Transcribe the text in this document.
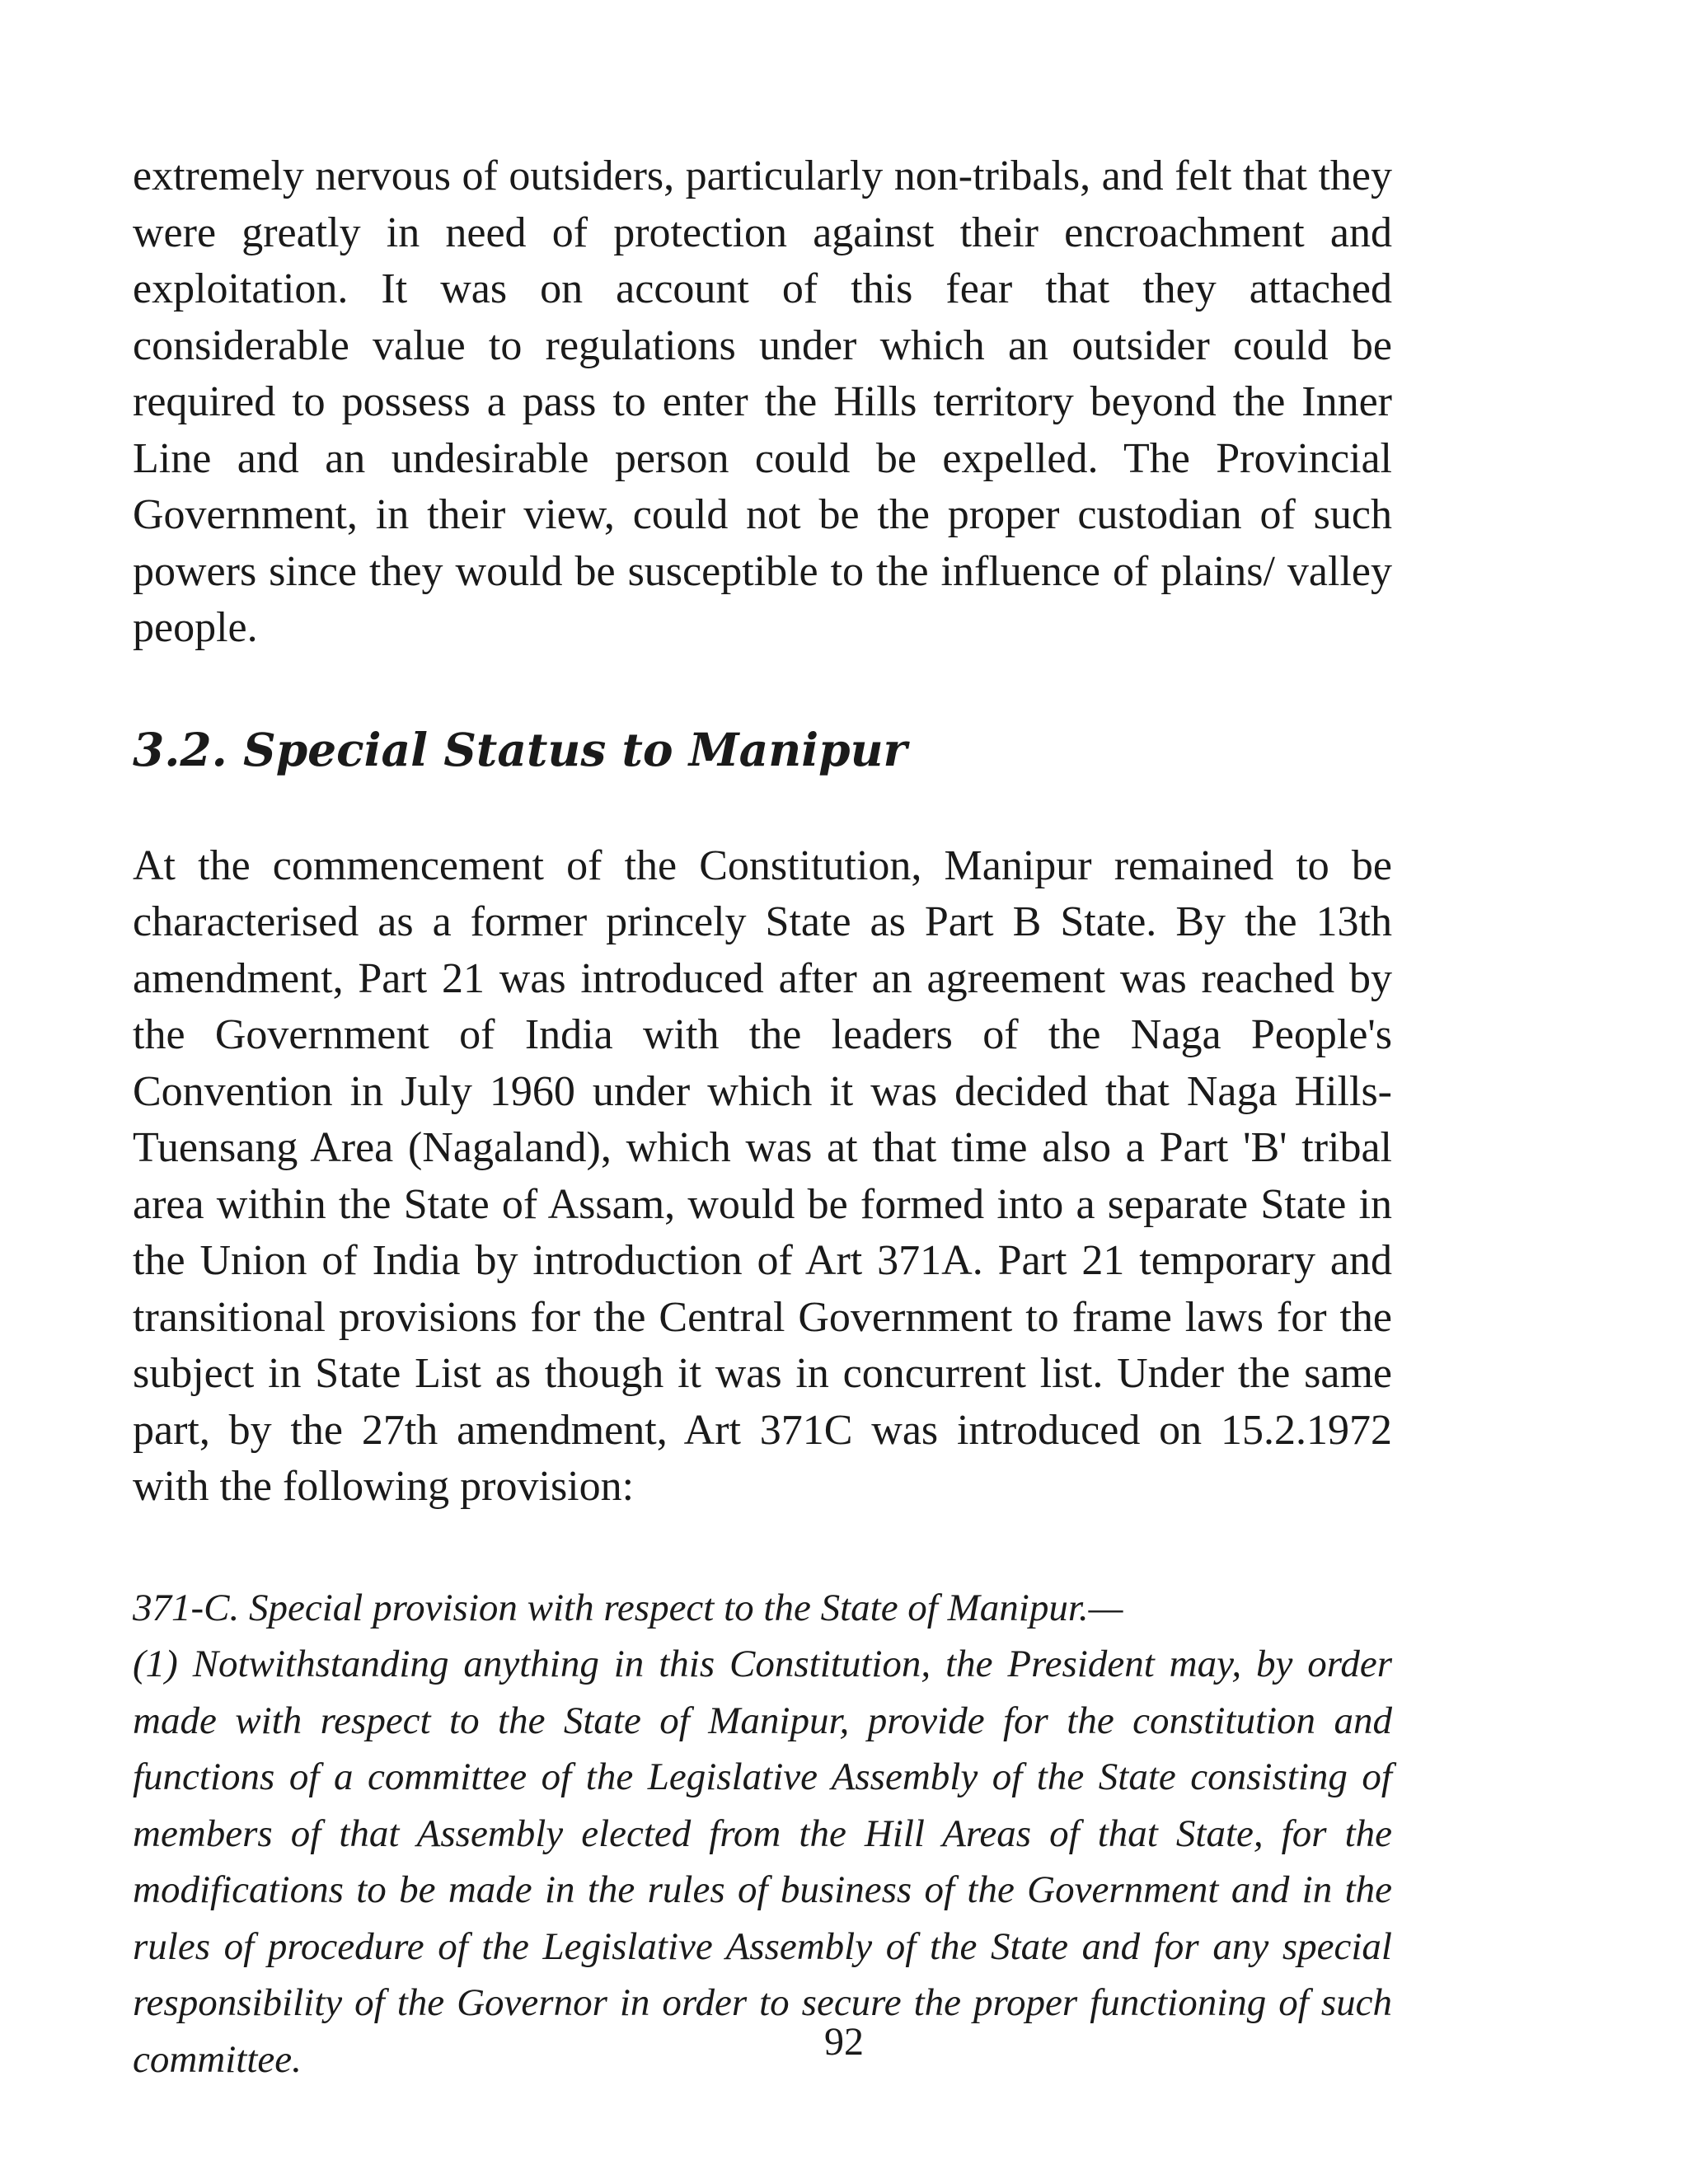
extremely nervous of outsiders, particularly non-tribals, and felt that they were greatly in need of protection against their encroachment and exploitation. It was on account of this fear that they attached considerable value to regulations under which an outsider could be required to possess a pass to enter the Hills territory beyond the Inner Line and an undesirable person could be expelled. The Provincial Government, in their view, could not be the proper custodian of such powers since they would be susceptible to the influence of plains/ valley people.

3.2. Special Status to Manipur

At the commencement of the Constitution, Manipur remained to be characterised as a former princely State as Part B State. By the 13th amendment, Part 21 was introduced after an agreement was reached by the Government of India with the leaders of the Naga People's Convention in July 1960 under which it was decided that Naga Hills-Tuensang Area (Nagaland), which was at that time also a Part 'B' tribal area within the State of Assam, would be formed into a separate State in the Union of India by introduction of Art 371A. Part 21 temporary and transitional provisions for the Central Government to frame laws for the subject in State List as though it was in concurrent list. Under the same part, by the 27th amendment, Art 371C was introduced on 15.2.1972 with the following provision:

371-C. Special provision with respect to the State of Manipur.—

(1) Notwithstanding anything in this Constitution, the President may, by order made with respect to the State of Manipur, provide for the constitution and functions of a committee of the Legislative Assembly of the State consisting of members of that Assembly elected from the Hill Areas of that State, for the modifications to be made in the rules of business of the Government and in the rules of procedure of the Legislative Assembly of the State and for any special responsibility of the Governor in order to secure the proper functioning of such committee.	92
